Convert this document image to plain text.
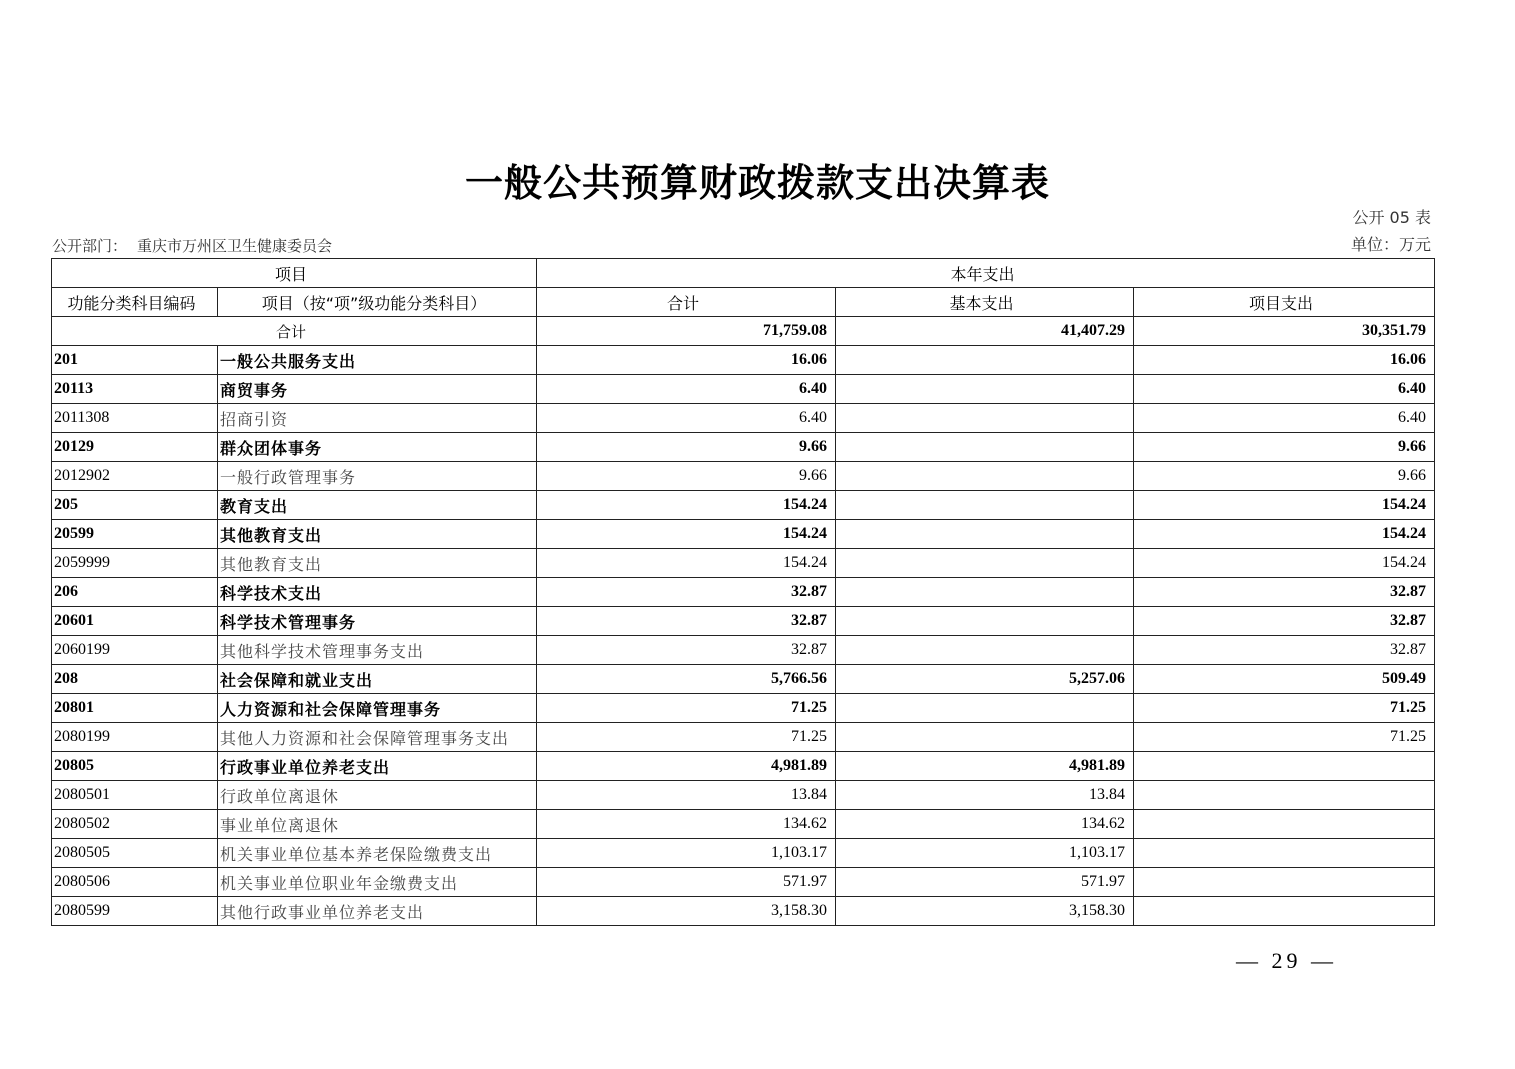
一般公共预算财政拨款支出决算表
公开 05 表
公开部门： 重庆市万州区卫生健康委员会	单位：万元
项目		本年支出		
功能分类科目编码	项目（按“项”级功能分类科目）	合计	基本支出	项目支出
合计		71,759.08	41,407.29	30,351.79
201	一般公共服务支出	16.06		16.06
20113	商贸事务	6.40		6.40
2011308	招商引资	6.40		6.40
20129	群众团体事务	9.66		9.66
2012902	一般行政管理事务	9.66		9.66
205	教育支出	154.24		154.24
20599	其他教育支出	154.24		154.24
2059999	其他教育支出	154.24		154.24
206	科学技术支出	32.87		32.87
20601	科学技术管理事务	32.87		32.87
2060199	其他科学技术管理事务支出	32.87		32.87
208	社会保障和就业支出	5,766.56	5,257.06	509.49
20801	人力资源和社会保障管理事务	71.25		71.25
2080199	其他人力资源和社会保障管理事务支出	71.25		71.25
20805	行政事业单位养老支出	4,981.89	4,981.89	
2080501	行政单位离退休	13.84	13.84	
2080502	事业单位离退休	134.62	134.62	
2080505	机关事业单位基本养老保险缴费支出	1,103.17	1,103.17	
2080506	机关事业单位职业年金缴费支出	571.97	571.97	
2080599	其他行政事业单位养老支出	3,158.30	3,158.30	
— 29 —
